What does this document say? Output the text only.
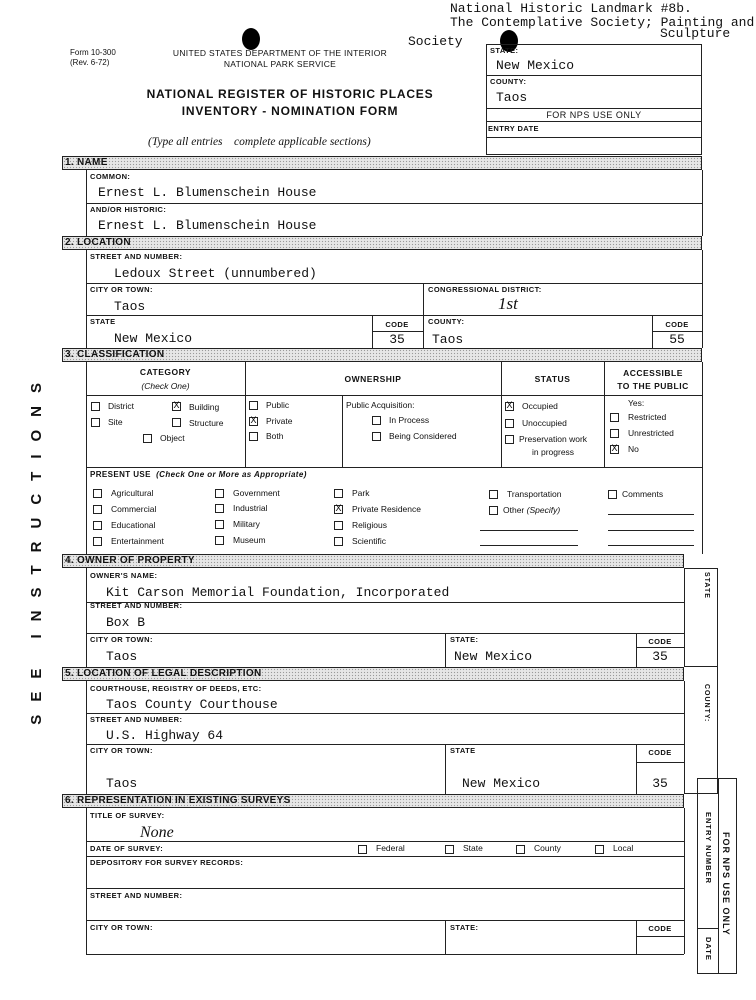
National Historic Landmark #8b.
The Contemplative Society; Painting and
Society
Sculpture
Form 10-300
(Rev. 6-72)
UNITED STATES DEPARTMENT OF THE INTERIOR
NATIONAL PARK SERVICE
NATIONAL REGISTER OF HISTORIC PLACES
INVENTORY - NOMINATION FORM
(Type all entries complete applicable sections)
STATE:
New Mexico
COUNTY:
Taos
FOR NPS USE ONLY
ENTRY DATE
SEE INSTRUCTIONS
1. NAME
COMMON:
Ernest L. Blumenschein House
AND/OR HISTORIC:
Ernest L. Blumenschein House
2. LOCATION
STREET AND NUMBER:
Ledoux Street (unnumbered)
CITY OR TOWN:
Taos
CONGRESSIONAL DISTRICT:
1st
STATE
New Mexico
CODE
35
COUNTY:
Taos
CODE
55
3. CLASSIFICATION
CATEGORY
(Check One)
OWNERSHIP	STATUS
ACCESSIBLE
TO THE PUBLIC
District	X Building
Site	Structure
Object
Public
X Private
Both
Public Acquisition:
In Process
Being Considered
X Occupied
Unoccupied
Preservation work
in progress
Yes:
Restricted
Unrestricted
X No
PRESENT USE (Check One or More as Appropriate)
Agricultural
Commercial
Educational
Entertainment
Government
Industrial
Military
Museum
Park
X Private Residence
Religious
Scientific
Transportation
Other (Specify)
Comments
4. OWNER OF PROPERTY
STATE
OWNER'S NAME:
Kit Carson Memorial Foundation, Incorporated
STREET AND NUMBER:
Box B
CITY OR TOWN:
Taos
STATE:
New Mexico
CODE
35
5. LOCATION OF LEGAL DESCRIPTION
COUNTY:
COURTHOUSE, REGISTRY OF DEEDS, ETC:
Taos County Courthouse
STREET AND NUMBER:
U.S. Highway 64
CITY OR TOWN:
Taos
STATE
New Mexico
CODE
35
6. REPRESENTATION IN EXISTING SURVEYS
ENTRY NUMBER FOR NPS USE ONLY
DATE
TITLE OF SURVEY:
None
DATE OF SURVEY:	Federal	State	County	Local
DEPOSITORY FOR SURVEY RECORDS:
STREET AND NUMBER:
CITY OR TOWN:	STATE:	CODE
